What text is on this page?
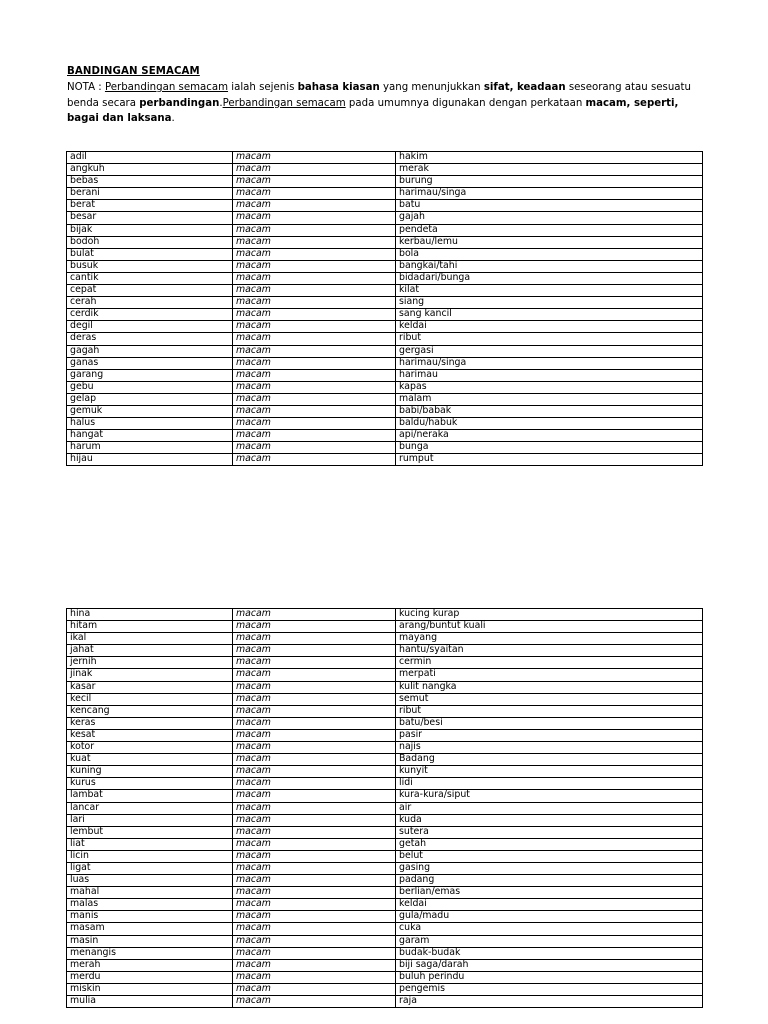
BANDINGAN SEMACAM
NOTA : Perbandingan semacam ialah sejenis bahasa kiasan yang menunjukkan sifat, keadaan seseorang atau sesuatu benda secara perbandingan.Perbandingan semacam pada umumnya digunakan dengan perkataan macam, seperti, bagai dan laksana.
adil	macam	hakim
angkuh	macam	merak
bebas	macam	burung
berani	macam	harimau/singa
berat	macam	batu
besar	macam	gajah
bijak	macam	pendeta
bodoh	macam	kerbau/lemu
bulat	macam	bola
busuk	macam	bangkai/tahi
cantik	macam	bidadari/bunga
cepat	macam	kilat
cerah	macam	siang
cerdik	macam	sang kancil
degil	macam	keldai
deras	macam	ribut
gagah	macam	gergasi
ganas	macam	harimau/singa
garang	macam	harimau
gebu	macam	kapas
gelap	macam	malam
gemuk	macam	babi/babak
halus	macam	baldu/habuk
hangat	macam	api/neraka
harum	macam	bunga
hijau	macam	rumput
hina	macam	kucing kurap
hitam	macam	arang/buntut kuali
ikal	macam	mayang
jahat	macam	hantu/syaitan
jernih	macam	cermin
jinak	macam	merpati
kasar	macam	kulit nangka
kecil	macam	semut
kencang	macam	ribut
keras	macam	batu/besi
kesat	macam	pasir
kotor	macam	najis
kuat	macam	Badang
kuning	macam	kunyit
kurus	macam	lidi
lambat	macam	kura-kura/siput
lancar	macam	air
lari	macam	kuda
lembut	macam	sutera
liat	macam	getah
licin	macam	belut
ligat	macam	gasing
luas	macam	padang
mahal	macam	berlian/emas
malas	macam	keldai
manis	macam	gula/madu
masam	macam	cuka
masin	macam	garam
menangis	macam	budak-budak
merah	macam	biji saga/darah
merdu	macam	buluh perindu
miskin	macam	pengemis
mulia	macam	raja
